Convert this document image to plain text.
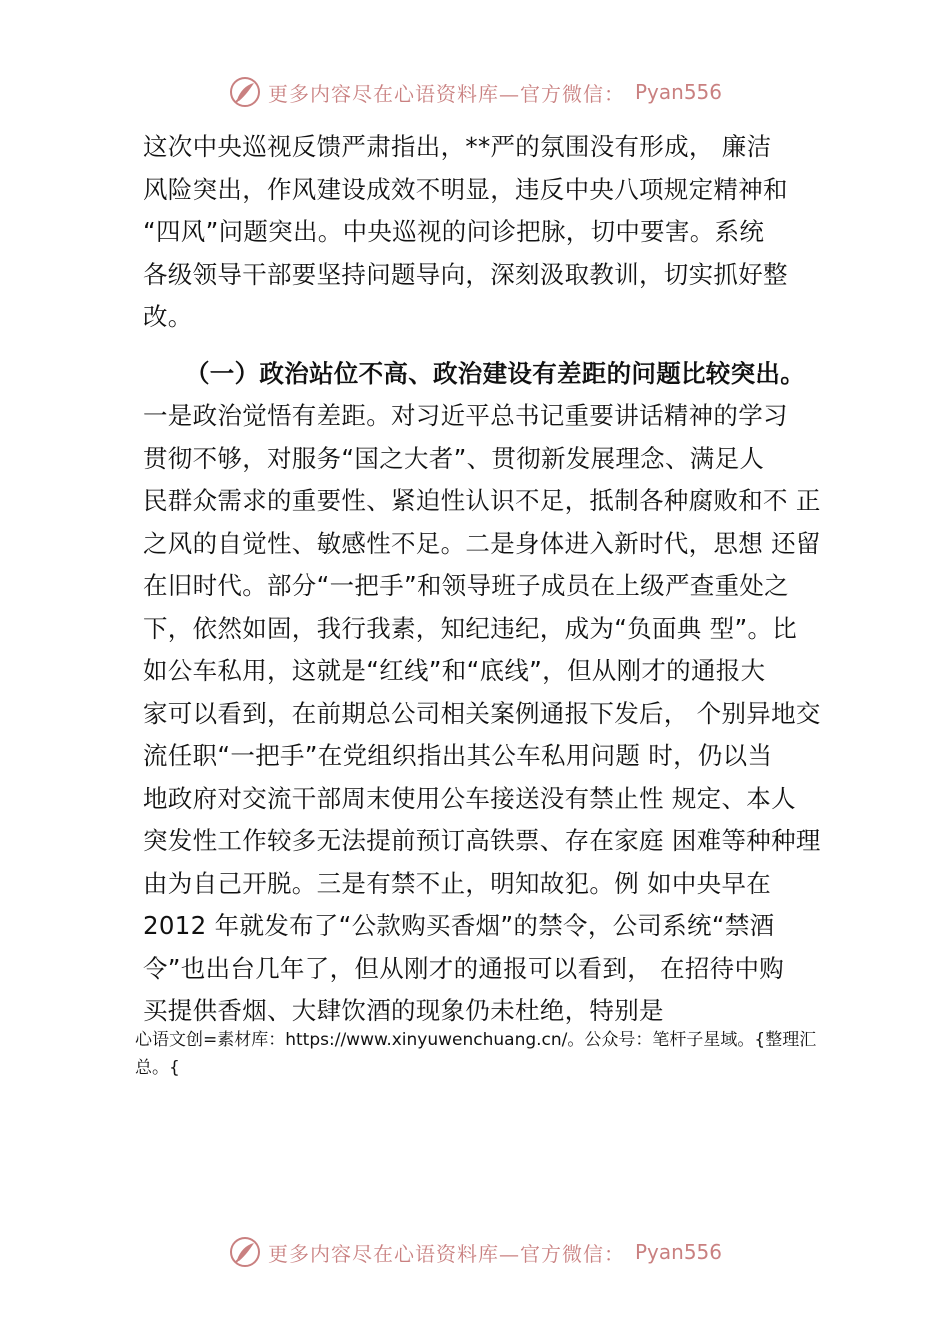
更多内容尽在心语资料库—官方微信： Pyan556
这次中央巡视反馈严肃指出，**严的氛围没有形成， 廉洁
风险突出，作风建设成效不明显，违反中央八项规定精神和
“四风”问题突出。中央巡视的问诊把脉，切中要害。系统
各级领导干部要坚持问题导向，深刻汲取教训，切实抓好整
改。
（一）政治站位不高、政治建设有差距的问题比较突出。
一是政治觉悟有差距。对习近平总书记重要讲话精神的学习
贯彻不够，对服务“国之大者”、贯彻新发展理念、满足人
民群众需求的重要性、紧迫性认识不足，抵制各种腐败和不 正
之风的自觉性、敏感性不足。二是身体进入新时代，思想 还留
在旧时代。部分“一把手”和领导班子成员在上级严查重处之
下，依然如固，我行我素，知纪违纪，成为“负面典 型”。比
如公车私用，这就是“红线”和“底线”，但从刚才的通报大
家可以看到，在前期总公司相关案例通报下发后， 个别异地交
流任职“一把手”在党组织指出其公车私用问题 时，仍以当
地政府对交流干部周末使用公车接送没有禁止性 规定、本人
突发性工作较多无法提前预订高铁票、存在家庭 困难等种种理
由为自己开脱。三是有禁不止，明知故犯。例 如中央早在
2012 年就发布了“公款购买香烟”的禁令，公司系统“禁酒
令”也出台几年了，但从刚才的通报可以看到， 在招待中购
买提供香烟、大肆饮酒的现象仍未杜绝，特别是
心语文创=素材库：https://www.xinyuwenchuang.cn/。公众号：笔杆子星域。{整理汇
总。{
更多内容尽在心语资料库—官方微信： Pyan556
